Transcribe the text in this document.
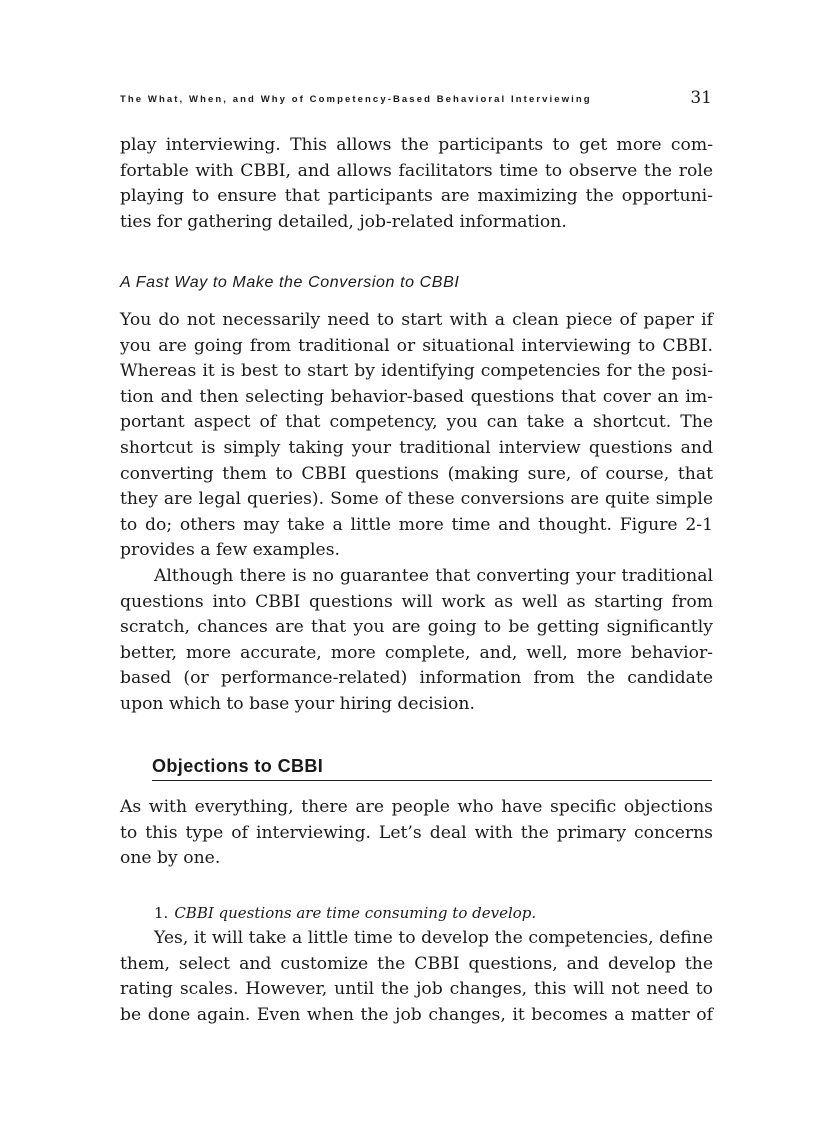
The What, When, and Why of Competency-Based Behavioral Interviewing	31
play interviewing. This allows the participants to get more com-
fortable with CBBI, and allows facilitators time to observe the role
playing to ensure that participants are maximizing the opportuni-
ties for gathering detailed, job-related information.
A Fast Way to Make the Conversion to CBBI
You do not necessarily need to start with a clean piece of paper if
you are going from traditional or situational interviewing to CBBI.
Whereas it is best to start by identifying competencies for the posi-
tion and then selecting behavior-based questions that cover an im-
portant aspect of that competency, you can take a shortcut. The
shortcut is simply taking your traditional interview questions and
converting them to CBBI questions (making sure, of course, that
they are legal queries). Some of these conversions are quite simple
to do; others may take a little more time and thought. Figure 2-1
provides a few examples.
Although there is no guarantee that converting your traditional
questions into CBBI questions will work as well as starting from
scratch, chances are that you are going to be getting significantly
better, more accurate, more complete, and, well, more behavior-
based (or performance-related) information from the candidate
upon which to base your hiring decision.
Objections to CBBI
As with everything, there are people who have specific objections
to this type of interviewing. Let’s deal with the primary concerns
one by one.
1. CBBI questions are time consuming to develop.
Yes, it will take a little time to develop the competencies, define
them, select and customize the CBBI questions, and develop the
rating scales. However, until the job changes, this will not need to
be done again. Even when the job changes, it becomes a matter of
